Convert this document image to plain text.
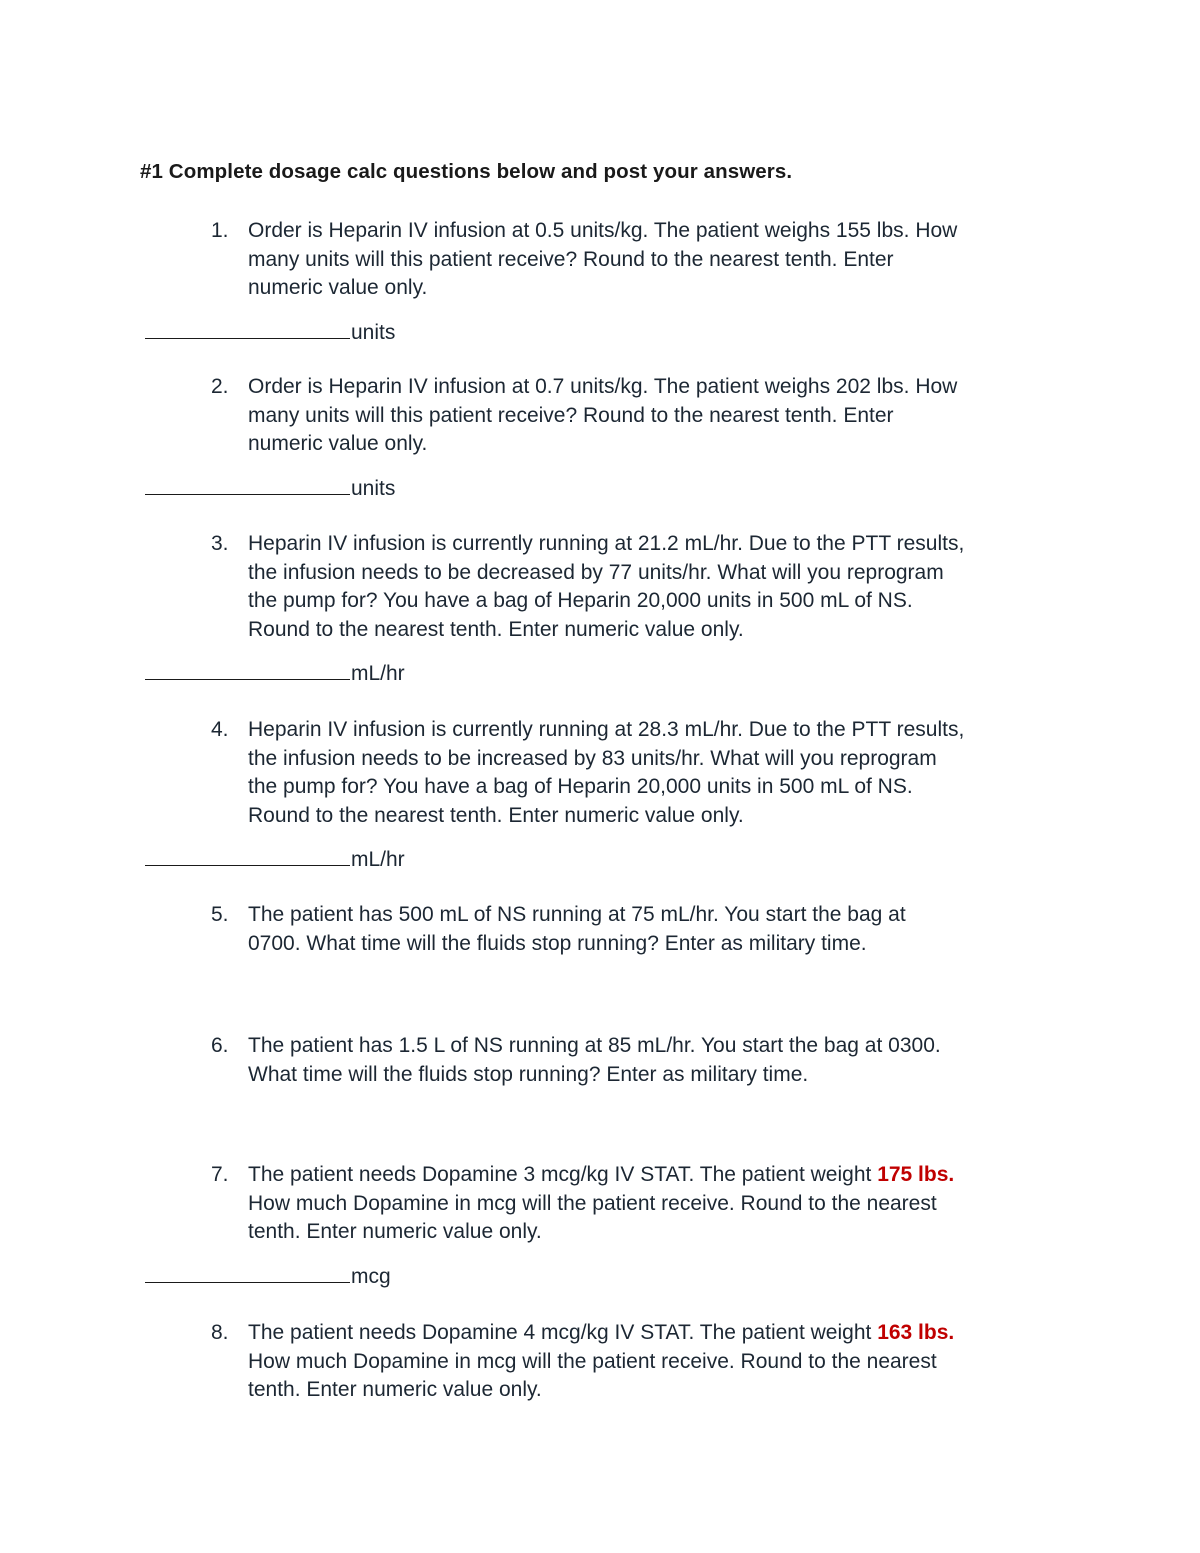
#1 Complete dosage calc questions below and post your answers.
1. Order is Heparin IV infusion at 0.5 units/kg. The patient weighs 155 lbs. How
many units will this patient receive? Round to the nearest tenth. Enter
numeric value only.
units
2. Order is Heparin IV infusion at 0.7 units/kg. The patient weighs 202 lbs. How
many units will this patient receive? Round to the nearest tenth. Enter
numeric value only.
units
3. Heparin IV infusion is currently running at 21.2 mL/hr. Due to the PTT results,
the infusion needs to be decreased by 77 units/hr. What will you reprogram
the pump for? You have a bag of Heparin 20,000 units in 500 mL of NS.
Round to the nearest tenth. Enter numeric value only.
mL/hr
4. Heparin IV infusion is currently running at 28.3 mL/hr. Due to the PTT results,
the infusion needs to be increased by 83 units/hr. What will you reprogram
the pump for? You have a bag of Heparin 20,000 units in 500 mL of NS.
Round to the nearest tenth. Enter numeric value only.
mL/hr
5. The patient has 500 mL of NS running at 75 mL/hr. You start the bag at
0700. What time will the fluids stop running? Enter as military time.
6. The patient has 1.5 L of NS running at 85 mL/hr. You start the bag at 0300.
What time will the fluids stop running? Enter as military time.
7. The patient needs Dopamine 3 mcg/kg IV STAT. The patient weight 175 lbs.
How much Dopamine in mcg will the patient receive. Round to the nearest
tenth. Enter numeric value only.
mcg
8. The patient needs Dopamine 4 mcg/kg IV STAT. The patient weight 163 lbs.
How much Dopamine in mcg will the patient receive. Round to the nearest
tenth. Enter numeric value only.
